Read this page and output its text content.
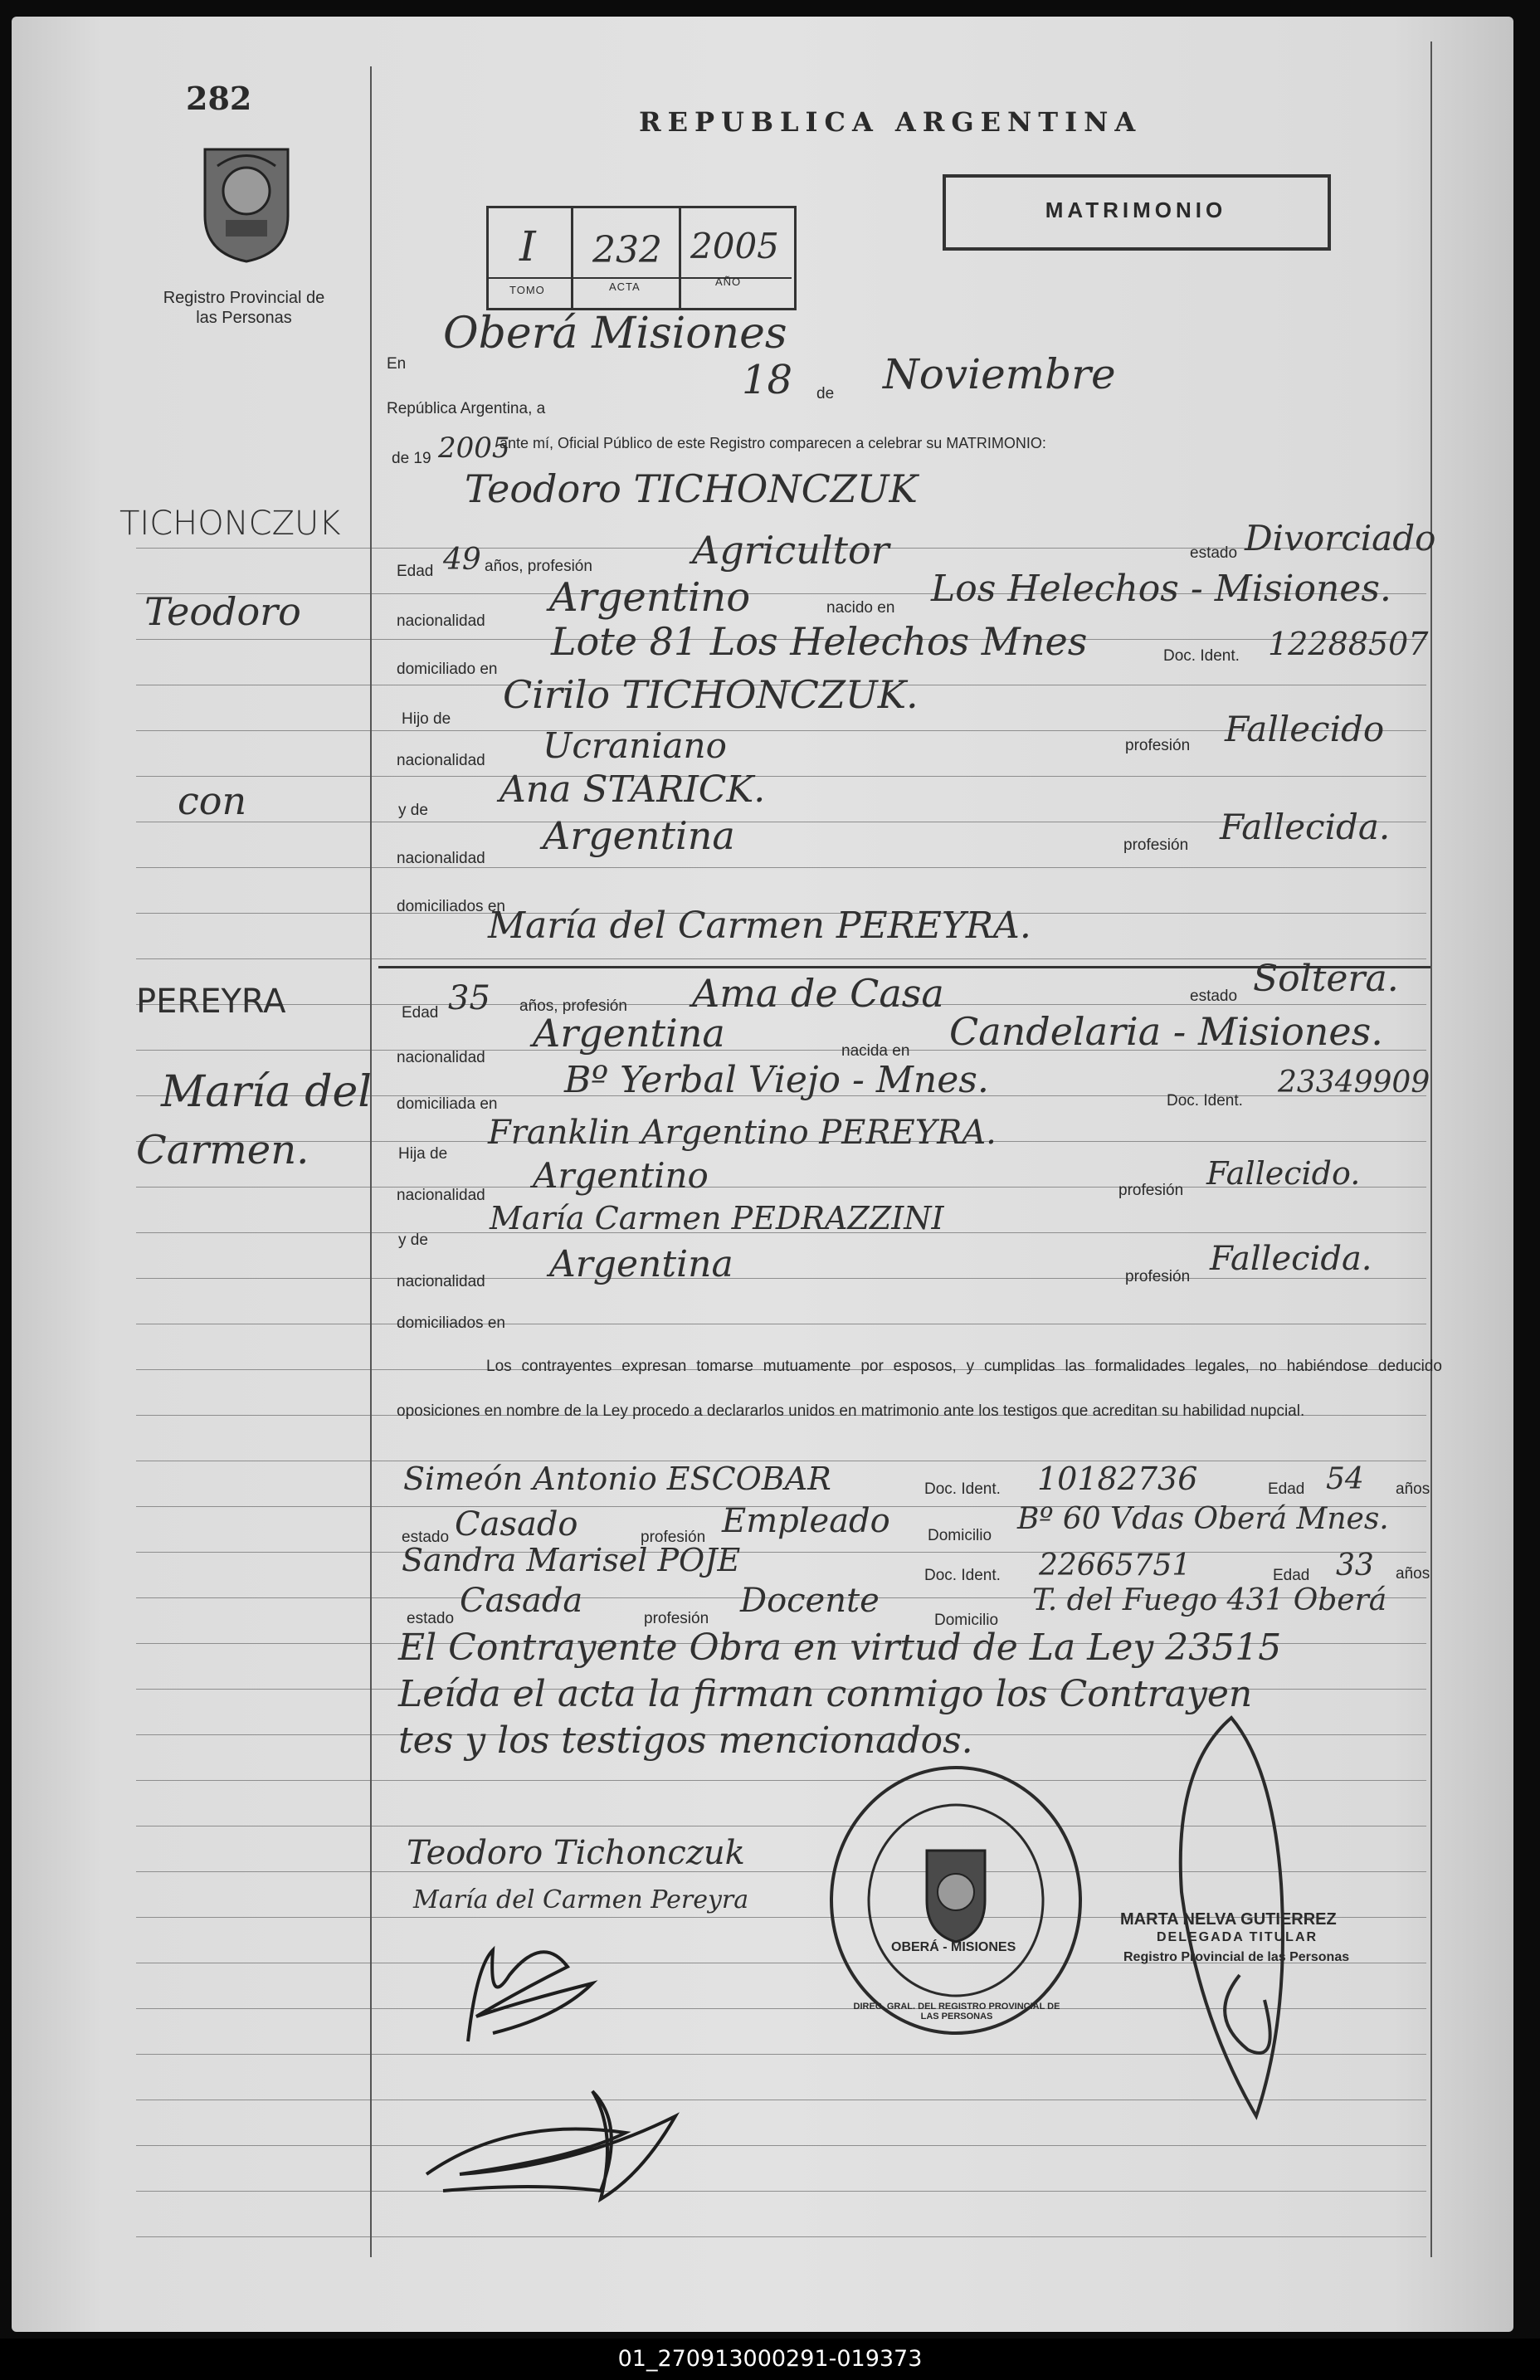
282
Registro Provincial de las Personas
REPUBLICA ARGENTINA
I 232 2005
TOMO	ACTA	AÑO
MATRIMONIO
TICHONCZUK
Teodoro
con
PEREYRA
María del
Carmen.
En
Oberá Misiones
República Argentina, a
18 de Noviembre
de 19 2005
ante mí, Oficial Público de este Registro comparecen a celebrar su MATRIMONIO:
Teodoro TICHONCZUK
Edad 49 años, profesión	Agricultor	estado Divorciado
nacionalidad
Argentino	nacido en Los Helechos - Misiones.
domiciliado en
Lote 81 Los Helechos Mnes	Doc. Ident. 12288507
Hijo de
Cirilo TICHONCZUK.
nacionalidad Ucraniano	profesión Fallecido
y de Ana STARICK.
nacionalidad
Argentina	profesión Fallecida.
domiciliados en
María del Carmen PEREYRA.
Edad 35 años, profesión Ama de Casa	estado Soltera.
nacionalidad
Argentina	nacida en Candelaria - Misiones.
domiciliada en
Bº Yerbal Viejo - Mnes.	Doc. Ident.
23349909
Hija de
Franklin Argentino PEREYRA.
nacionalidad Argentino	profesión Fallecido.
y de
María Carmen PEDRAZZINI
nacionalidad Argentina	profesión Fallecida.
domiciliados en
Los contrayentes expresan tomarse mutuamente por esposos, y cumplidas las formalidades legales, no habiéndose deducido oposiciones en nombre de la Ley procedo a declararlos unidos en matrimonio ante los testigos que acreditan su habilidad nupcial.
Simeón Antonio ESCOBAR	Doc. Ident. 10182736	Edad 54 años
estado Casado	profesión Empleado Domicilio Bº 60 Vdas Oberá Mnes.
Sandra Marisel POJE	Doc. Ident. 22665751	Edad 33 años
estado Casada	profesión Docente
Domicilio
T. del Fuego 431 Oberá
El Contrayente Obra en virtud de La Ley 23515
Leída el acta la firman conmigo los Contrayen
tes y los testigos mencionados.
Teodoro Tichonczuk
María del Carmen Pereyra
DIREC. GRAL. DEL REGISTRO PROVINCIAL DE LAS PERSONAS
OBERÁ - MISIONES
MARTA NELVA GUTIERREZ
DELEGADA TITULAR
Registro Provincial de las Personas
01_270913000291-019373
